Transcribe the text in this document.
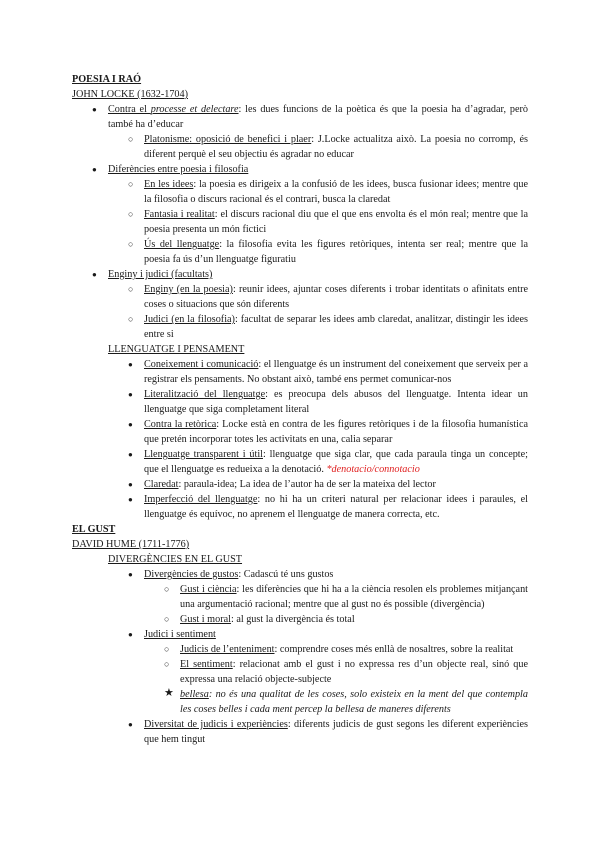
POESIA I RAÓ
JOHN LOCKE (1632-1704)
● Contra el processe et delectare: les dues funcions de la poètica és que la poesia ha d’agradar, però també ha d’educar
○ Platonisme: oposició de benefici i plaer: J.Locke actualitza això. La poesia no corromp, és diferent perquè el seu objectiu és agradar no educar
● Diferències entre poesia i filosofia
○ En les idees: la poesia es dirigeix a la confusió de les idees, busca fusionar idees; mentre que la filosofia o discurs racional és el contrari, busca la claredat
○ Fantasia i realitat: el discurs racional diu que el que ens envolta és el món real; mentre que la poesia presenta un món fictici
○ Ús del llenguatge: la filosofia evita les figures retòriques, intenta ser real; mentre que la poesia fa ús d’un llenguatge figuratiu
● Enginy i judici (facultats)
○ Enginy (en la poesia): reunir idees, ajuntar coses diferents i trobar identitats o afinitats entre coses o situacions que són diferents
○ Judici (en la filosofia): facultat de separar les idees amb claredat, analitzar, distingir les idees entre si
LLENGUATGE I PENSAMENT
● Coneixement i comunicació: el llenguatge és un instrument del coneixement que serveix per a registrar els pensaments. No obstant això, també ens permet comunicar-nos
● Literalització del llenguatge: es preocupa dels abusos del llenguatge. Intenta idear un llenguatge que siga completament literal
● Contra la retòrica: Locke està en contra de les figures retòriques i de la filosofia humanística que pretén incorporar totes les activitats en una, calia separar
● Llenguatge transparent i útil: llenguatge que siga clar, que cada paraula tinga un concepte; que el llenguatge es redueixa a la denotació. *denotacio/connotacio
● Claredat: paraula-idea; La idea de l’autor ha de ser la mateixa del lector
● Imperfecció del llenguatge: no hi ha un criteri natural per relacionar idees i paraules, el llenguatge és equívoc, no aprenem el llenguatge de manera correcta, etc.
EL GUST
DAVID HUME (1711-1776)
DIVERGÈNCIES EN EL GUST
● Divergències de gustos: Cadascú té uns gustos
○ Gust i ciència: les diferències que hi ha a la ciència resolen els problemes mitjançant una argumentació racional; mentre que al gust no és possible (divergència)
○ Gust i moral: al gust la divergència és total
● Judici i sentiment
○ Judicis de l’enteniment: comprendre coses més enllà de nosaltres, sobre la realitat
○ El sentiment: relacionat amb el gust i no expressa res d’un objecte real, sinó que expressa una relació objecte-subjecte
★ bellesa: no és una qualitat de les coses, solo existeix en la ment del que contempla les coses belles i cada ment percep la bellesa de maneres diferents
● Diversitat de judicis i experiències: diferents judicis de gust segons les diferent experiències que hem tingut
